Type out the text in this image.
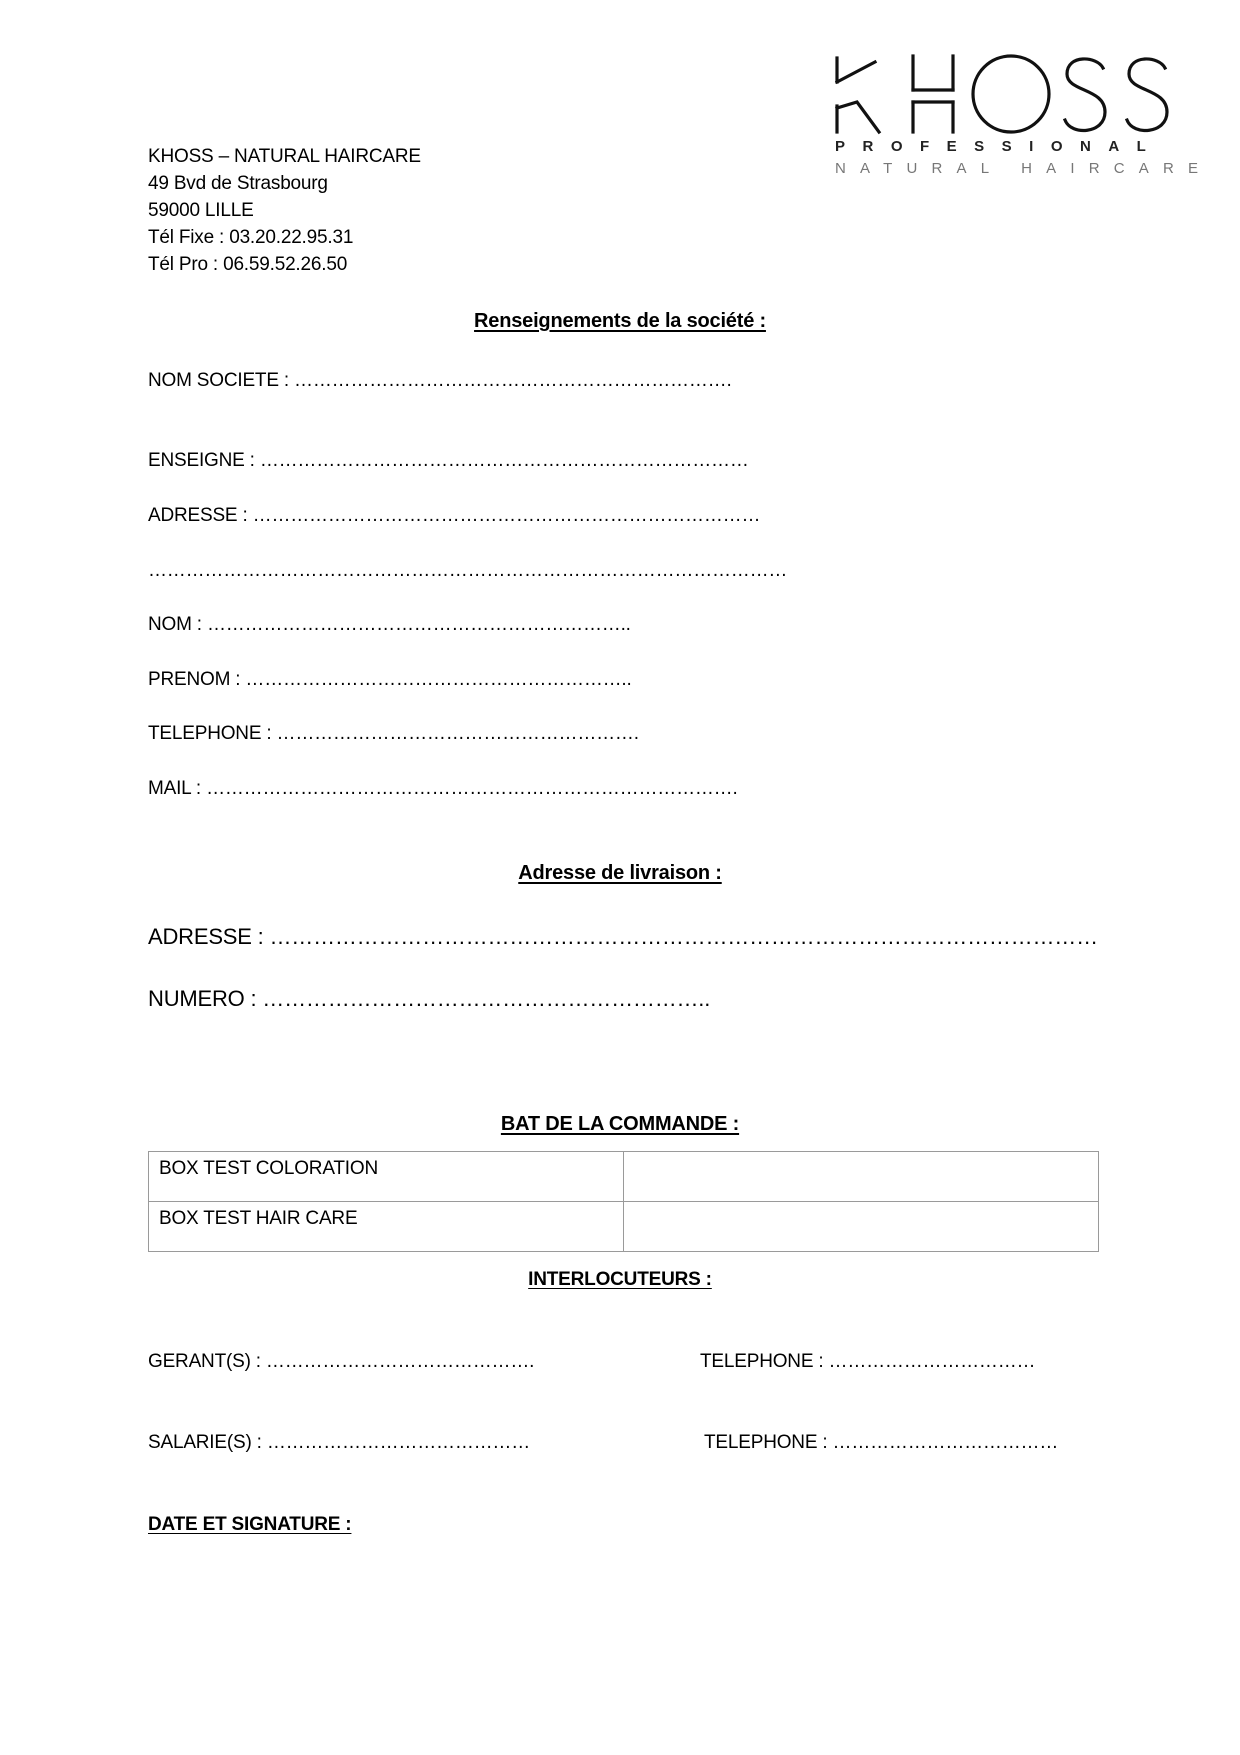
PROFESSIONAL
NATURAL HAIRCARE
KHOSS – NATURAL HAIRCARE
49 Bvd de Strasbourg
59000 LILLE
Tél Fixe : 03.20.22.95.31
Tél Pro : 06.59.52.26.50
Renseignements de la société :
NOM SOCIETE : …………………………………………………………….
ENSEIGNE : ……………………………………………………………………
ADRESSE : ………………………………………………………………………
…………………………………………………………………………………………
NOM : …………………………………………………………..
PRENOM : ……………………………………………………..
TELEPHONE : ………………………………………………….
MAIL : ………………………………………………………………………….
Adresse de livraison :
ADRESSE : ……………………………………………………………………………………………………
NUMERO : ……………………………………………………..
BAT DE LA COMMANDE :
BOX TEST COLORATION	
BOX TEST HAIR CARE	
INTERLOCUTEURS :
GERANT(S) : …………………………………….	TELEPHONE : ……………………………
SALARIE(S) : ……………………………………	TELEPHONE : ………………………………
DATE ET SIGNATURE :
